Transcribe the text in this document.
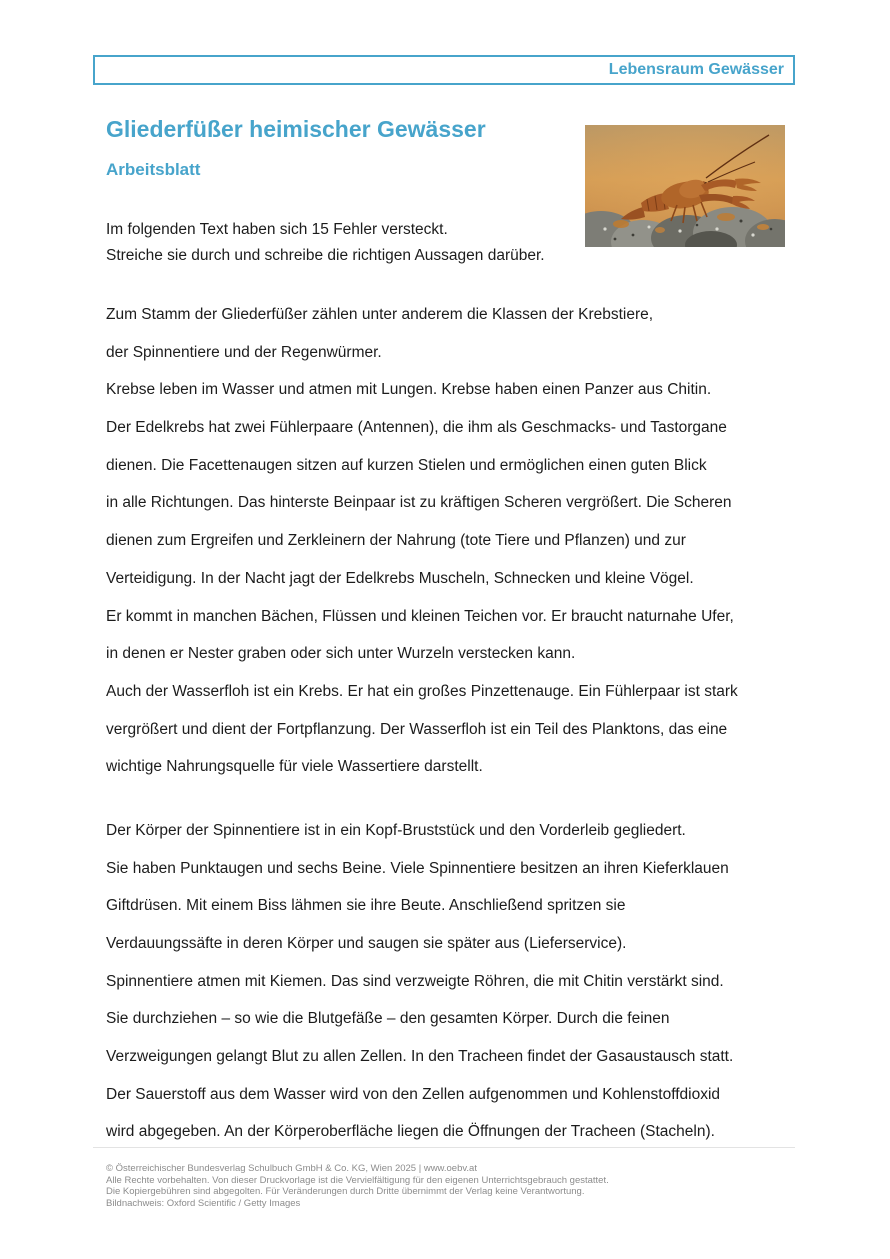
Lebensraum Gewässer
Gliederfüßer heimischer Gewässer
Arbeitsblatt
Im folgenden Text haben sich 15 Fehler versteckt.
Streiche sie durch und schreibe die richtigen Aussagen darüber.
Zum Stamm der Gliederfüßer zählen unter anderem die Klassen der Krebstiere,
der Spinnentiere und der Regenwürmer.
Krebse leben im Wasser und atmen mit Lungen. Krebse haben einen Panzer aus Chitin.
Der Edelkrebs hat zwei Fühlerpaare (Antennen), die ihm als Geschmacks- und Tastorgane
dienen. Die Facettenaugen sitzen auf kurzen Stielen und ermöglichen einen guten Blick
in alle Richtungen. Das hinterste Beinpaar ist zu kräftigen Scheren vergrößert. Die Scheren
dienen zum Ergreifen und Zerkleinern der Nahrung (tote Tiere und Pflanzen) und zur
Verteidigung. In der Nacht jagt der Edelkrebs Muscheln, Schnecken und kleine Vögel.
Er kommt in manchen Bächen, Flüssen und kleinen Teichen vor. Er braucht naturnahe Ufer,
in denen er Nester graben oder sich unter Wurzeln verstecken kann.
Auch der Wasserfloh ist ein Krebs. Er hat ein großes Pinzettenauge. Ein Fühlerpaar ist stark
vergrößert und dient der Fortpflanzung. Der Wasserfloh ist ein Teil des Planktons, das eine
wichtige Nahrungsquelle für viele Wassertiere darstellt.
Der Körper der Spinnentiere ist in ein Kopf-Bruststück und den Vorderleib gegliedert.
Sie haben Punktaugen und sechs Beine. Viele Spinnentiere besitzen an ihren Kieferklauen
Giftdrüsen. Mit einem Biss lähmen sie ihre Beute. Anschließend spritzen sie
Verdauungssäfte in deren Körper und saugen sie später aus (Lieferservice).
Spinnentiere atmen mit Kiemen. Das sind verzweigte Röhren, die mit Chitin verstärkt sind.
Sie durchziehen – so wie die Blutgefäße – den gesamten Körper. Durch die feinen
Verzweigungen gelangt Blut zu allen Zellen. In den Tracheen findet der Gasaustausch statt.
Der Sauerstoff aus dem Wasser wird von den Zellen aufgenommen und Kohlenstoffdioxid
wird abgegeben. An der Körperoberfläche liegen die Öffnungen der Tracheen (Stacheln).
© Österreichischer Bundesverlag Schulbuch GmbH & Co. KG, Wien 2025 | www.oebv.at
Alle Rechte vorbehalten. Von dieser Druckvorlage ist die Vervielfältigung für den eigenen Unterrichtsgebrauch gestattet.
Die Kopiergebühren sind abgegolten. Für Veränderungen durch Dritte übernimmt der Verlag keine Verantwortung.
Bildnachweis: Oxford Scientific / Getty Images
